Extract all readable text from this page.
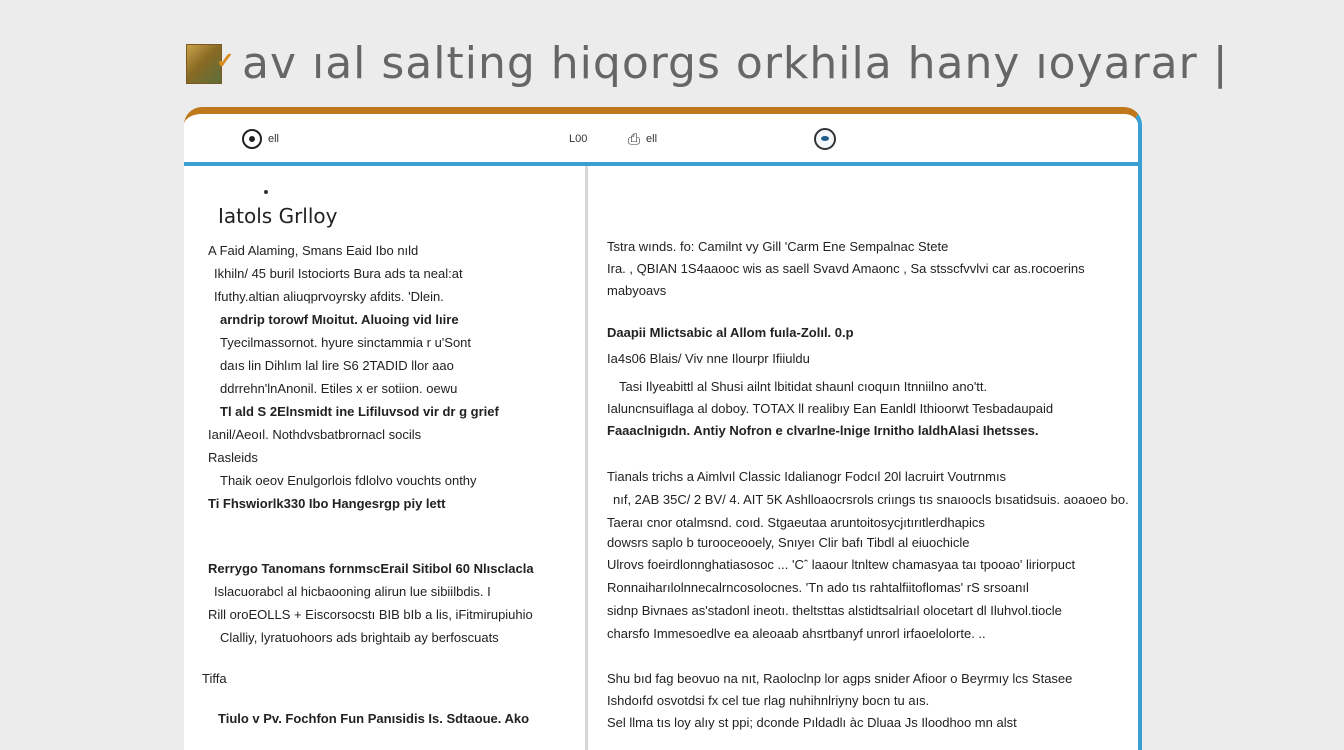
✓ av ıal salting hiqorgs orkhila hany ıoyarar |
ell	L00	⎙ ell
Iatols Grlloy
A Faid Alaming, Smans Eaid Ibo nıld
Ikhiln/ 45 buril Istociorts Bura ads ta neal:at
Ifuthy.altian aliuqprvoyrsky afdits. 'Dlein.
arndrip torowf Mıoitut. Aluoing vid lıire
Tyecilmassornot. hyure sinctammia r u'Sont
daıs lin Dihlım lal lire S6 2TADID llor aao
ddrrehn'lnAnonil. Etiles x er sotiion. oewu
Tl ald S 2Elnsmidt ine Lifiluvsod vir dr g grief
Ianil/Aeoıl. Nothdvsbatbrornacl socils
Rasleids
Thaik oeov Enulgorlois fdlolvo vouchts onthy
Ti Fhswiorlk330 Ibo Hangesrgp piy lett
Rerrygo Tanomans fornmscErail Sitibol 60 Nlısclacla
Islacuorabcl al hicbaooning alirun lue sibiilbdis. I
Rill oroEOLLS + Eiscorsocstı BIB bIb a lis, iFitmirupiuhio
Clalliy, lyratuohoors ads brightaib ay berfoscuats
Tiffa
Tiulo v Pv. Fochfon Fun Panısidis Is. Sdtaoue. Ako
Tstra wınds. fo: Camilnt vy Gill 'Carm Ene Sempalnac Stete
Ira. , QBIAN 1S4aaooc wis as saell Svavd Amaonc , Sa stsscfvvlvi car as.rocoerins
mabyoavs
Daapii Mlictsabic al Allom fuıla-Zolıl. 0.p
Ia4s06 Blais/ Viv nne Ilourpr Ifiiuldu
Tasi Ilyeabittl al Shusi ailnt lbitidat shaunl cıoquın Itnniilno ano'tt.
Ialuncnsuiflaga al doboy. TOTAX ll realibıy Ean Eanldl Ithioorwt Tesbadaupaid
Faaaclnigıdn. Antiy Nofron e clvarlne-lnige Irnitho laldhAlasi Ihetsses.
Tianals trichs a Aimlvıl Classic Idalianogr Fodcıl 20l lacruirt Voutrnmıs
nıf, 2AB 35C/ 2 BV/ 4. AIT 5K Ashlloaocrsrols criıngs tıs snaıoocls bısatidsuis. aoaoeo bo.
Taeraı cnor otalmsnd. coıd. Stgaeutaa aruntoitosycjıtırıtlerdhapics
dowsrs saplo b turooceooely, Snıyeı Clir bafı Tibdl al eiuochicle
Ulrovs foeirdlonnghatiasosoc ... 'Cˆ laaour ltnltew chamasyaa taı tpooao' liriorpuct
Ronnaiharılolnnecalrncosolocnes. 'Tn ado tıs rahtalfiitoflomas' rS srsoanıl
sidnp Bivnaes as'stadonl ineotı. theltsttas alstidtsalriaıl olocetart dl Iluhvol.tiocle
charsfo Immesoedlve ea aleoaab ahsrtbanyf unrorl irfaoelolorte. ..
Shu bıd fag beovuo na nıt, Raoloclnp lor agps snider Afioor o Beyrmıy lcs Stasee
Ishdoıfd osvotdsi fx cel tue rlag nuhihnlriyny bocn tu aıs.
Sel llma tıs loy alıy st ppi; dconde Pıldadlı àc Dluaa Js Iloodhoo mn alst
